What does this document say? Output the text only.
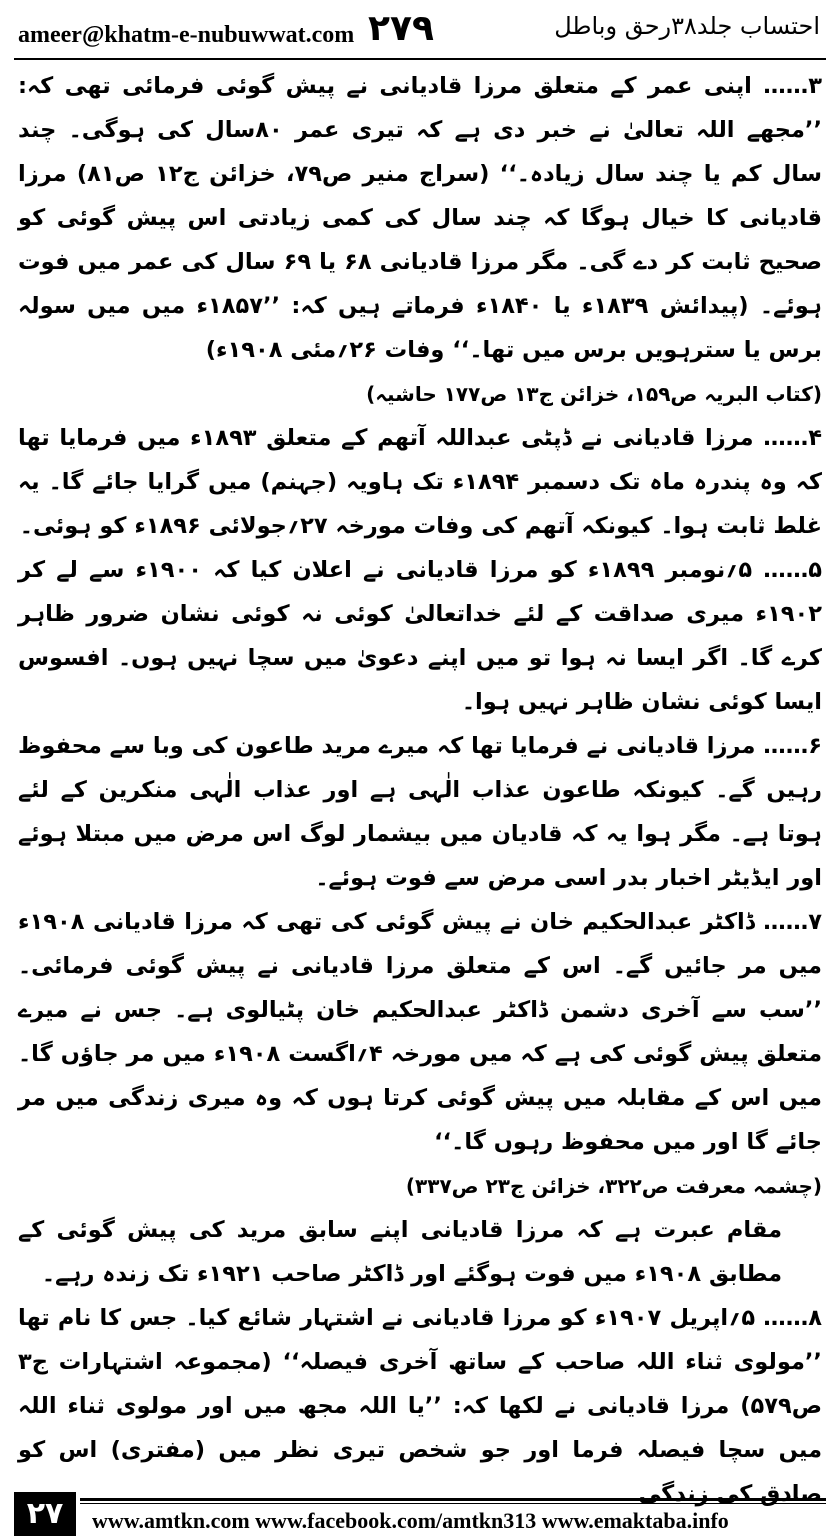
ameer@khatm-e-nubuwwat.com ۲۷۹	احتساب جلد۳۸رحق وباطل

۳…… اپنی عمر کے متعلق مرزا قادیانی نے پیش گوئی فرمائی تھی کہ: ’’مجھے اللہ تعالیٰ نے خبر دی ہے کہ تیری عمر ۸۰سال کی ہوگی۔ چند سال کم یا چند سال زیادہ۔‘‘ (سراج منیر ص۷۹، خزائن ج۱۲ ص۸۱) مرزا قادیانی کا خیال ہوگا کہ چند سال کی کمی زیادتی اس پیش گوئی کو صحیح ثابت کر دے گی۔ مگر مرزا قادیانی ۶۸ یا ۶۹ سال کی عمر میں فوت ہوئے۔ (پیدائش ۱۸۳۹ء یا ۱۸۴۰ء فرماتے ہیں کہ: ’’۱۸۵۷ء میں میں سولہ برس یا سترہویں برس میں تھا۔‘‘ وفات ۲۶؍مئی ۱۹۰۸ء)

(کتاب البریہ ص۱۵۹، خزائن ج۱۳ ص۱۷۷ حاشیہ)

۴…… مرزا قادیانی نے ڈپٹی عبداللہ آتھم کے متعلق ۱۸۹۳ء میں فرمایا تھا کہ وہ پندرہ ماہ تک دسمبر ۱۸۹۴ء تک ہاویہ (جہنم) میں گرایا جائے گا۔ یہ غلط ثابت ہوا۔ کیونکہ آتھم کی وفات مورخہ ۲۷؍جولائی ۱۸۹۶ء کو ہوئی۔

۵…… ۵؍نومبر ۱۸۹۹ء کو مرزا قادیانی نے اعلان کیا کہ ۱۹۰۰ء سے لے کر ۱۹۰۲ء میری صداقت کے لئے خداتعالیٰ کوئی نہ کوئی نشان ضرور ظاہر کرے گا۔ اگر ایسا نہ ہوا تو میں اپنے دعویٰ میں سچا نہیں ہوں۔ افسوس ایسا کوئی نشان ظاہر نہیں ہوا۔

۶…… مرزا قادیانی نے فرمایا تھا کہ میرے مرید طاعون کی وبا سے محفوظ رہیں گے۔ کیونکہ طاعون عذاب الٰہی ہے اور عذاب الٰہی منکرین کے لئے ہوتا ہے۔ مگر ہوا یہ کہ قادیان میں بیشمار لوگ اس مرض میں مبتلا ہوئے اور ایڈیٹر اخبار بدر اسی مرض سے فوت ہوئے۔

۷…… ڈاکٹر عبدالحکیم خان نے پیش گوئی کی تھی کہ مرزا قادیانی ۱۹۰۸ء میں مر جائیں گے۔ اس کے متعلق مرزا قادیانی نے پیش گوئی فرمائی۔ ’’سب سے آخری دشمن ڈاکٹر عبدالحکیم خان پٹیالوی ہے۔ جس نے میرے متعلق پیش گوئی کی ہے کہ میں مورخہ ۴؍اگست ۱۹۰۸ء میں مر جاؤں گا۔ میں اس کے مقابلہ میں پیش گوئی کرتا ہوں کہ وہ میری زندگی میں مر جائے گا اور میں محفوظ رہوں گا۔‘‘

(چشمہ معرفت ص۳۲۲، خزائن ج۲۳ ص۳۳۷)

مقام عبرت ہے کہ مرزا قادیانی اپنے سابق مرید کی پیش گوئی کے مطابق ۱۹۰۸ء میں فوت ہوگئے اور ڈاکٹر صاحب ۱۹۲۱ء تک زندہ رہے۔

۸…… ۵؍اپریل ۱۹۰۷ء کو مرزا قادیانی نے اشتہار شائع کیا۔ جس کا نام تھا ’’مولوی ثناء اللہ صاحب کے ساتھ آخری فیصلہ‘‘ (مجموعہ اشتہارات ج۳ ص۵۷۹) مرزا قادیانی نے لکھا کہ: ’’یا اللہ مجھ میں اور مولوی ثناء اللہ میں سچا فیصلہ فرما اور جو شخص تیری نظر میں (مفتری) اس کو صادق کی زندگی

۲۷	www.amtkn.com www.facebook.com/amtkn313 www.emaktaba.info
